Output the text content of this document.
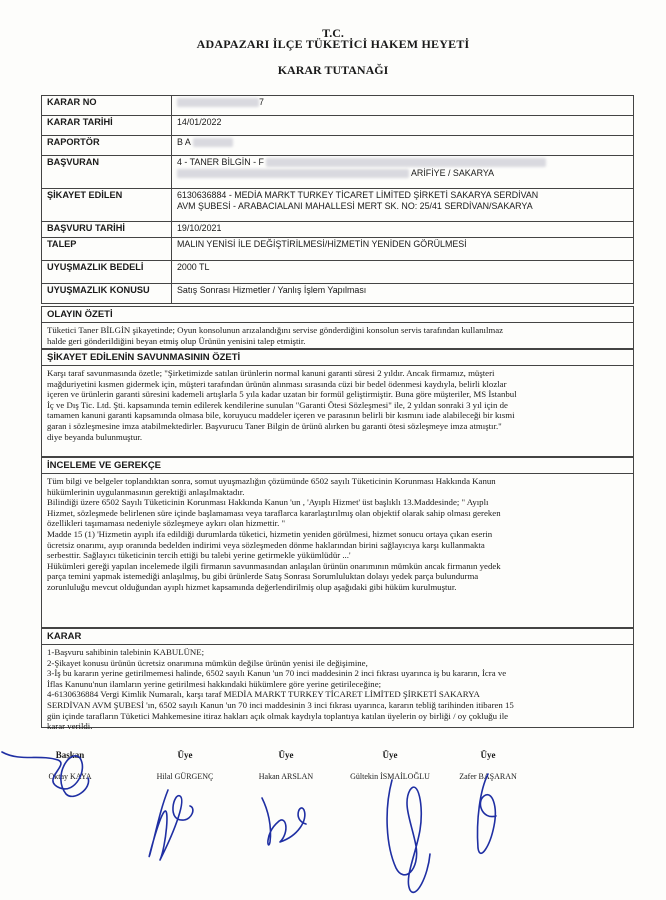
T.C.
ADAPAZARI İLÇE TÜKETİCİ HAKEM HEYETİ
KARAR TUTANAĞI
KARAR NO	7
KARAR TARİHİ	14/01/2022
RAPORTÖR	B A
BAŞVURAN	4 - TANER BİLGİN - F
ARİFİYE / SAKARYA

ŞİKAYET EDİLEN	6130636884 - MEDİA MARKT TURKEY TİCARET LİMİTED ŞİRKETİ SAKARYA SERDİVAN
AVM ŞUBESİ - ARABACIALANI MAHALLESİ MERT SK. NO: 25/41 SERDİVAN/SAKARYA

BAŞVURU TARİHİ	19/10/2021
TALEP	MALIN YENİSİ İLE DEĞİŞTİRİLMESİ/HİZMETİN YENİDEN GÖRÜLMESİ
UYUŞMAZLIK BEDELİ	2000 TL
UYUŞMAZLIK KONUSU	Satış Sonrası Hizmetler / Yanlış İşlem Yapılması
OLAYIN ÖZETİ
Tüketici Taner BİLGİN şikayetinde; Oyun konsolunun arızalandığını servise gönderdiğini konsolun servis tarafından kullanılmaz
halde geri gönderildiğini beyan etmiş olup Ürünün yenisini talep etmiştir.
ŞİKAYET EDİLENİN SAVUNMASININ ÖZETİ
Karşı taraf savunmasında özetle; "Şirketimizde satılan ürünlerin normal kanuni garanti süresi 2 yıldır. Ancak firmamız, müşteri
mağduriyetini kısmen gidermek için, müşteri tarafından ürünün alınması sırasında cüzi bir bedel ödenmesi kaydıyla, belirli klozlar
içeren ve ürünlerin garanti süresini kademeli artışlarla 5 yıla kadar uzatan bir formül geliştirmiştir. Buna göre müşteriler, MS İstanbul
İç ve Dış Tic. Ltd. Şti. kapsamında temin edilerek kendilerine sunulan "Garanti Ötesi Sözleşmesi" ile, 2 yıldan sonraki 3 yıl için de
tamamen kanuni garanti kapsamında olmasa bile, koruyucu maddeler içeren ve parasının belirli bir kısmını iade alabileceği bir kısmi
garan i sözleşmesine imza atabilmektedirler. Başvurucu Taner Bilgin de ürünü alırken bu garanti ötesi sözleşmeye imza atmıştır."
diye beyanda bulunmuştur.
İNCELEME VE GEREKÇE
Tüm bilgi ve belgeler toplandıktan sonra, somut uyuşmazlığın çözümünde 6502 sayılı Tüketicinin Korunması Hakkında Kanun
hükümlerinin uygulanmasının gerektiği anlaşılmaktadır.
Bilindiği üzere 6502 Sayılı Tüketicinin Korunması Hakkında Kanun 'un , 'Ayıplı Hizmet' üst başlıklı 13.Maddesinde; " Ayıplı
Hizmet, sözleşmede belirlenen süre içinde başlamaması veya taraflarca kararlaştırılmış olan objektif olarak sahip olması gereken
özellikleri taşımaması nedeniyle sözleşmeye aykırı olan hizmettir. "
Madde 15 (1) 'Hizmetin ayıplı ifa edildiği durumlarda tüketici, hizmetin yeniden görülmesi, hizmet sonucu ortaya çıkan eserin
ücretsiz onarımı, ayıp oranında bedelden indirimi veya sözleşmeden dönme haklarından birini sağlayıcıya karşı kullanmakta
serbesttir. Sağlayıcı tüketicinin tercih ettiği bu talebi yerine getirmekle yükümlüdür ...'
Hükümleri gereği yapılan incelemede ilgili firmanın savunmasından anlaşılan ürünün onarımının mümkün ancak firmanın yedek
parça temini yapmak istemediği anlaşılmış, bu gibi ürünlerde Satış Sonrası Sorumluluktan dolayı yedek parça bulundurma
zorunluluğu mevcut olduğundan ayıplı hizmet kapsamında değerlendirilmiş olup aşağıdaki gibi hüküm kurulmuştur.
KARAR
1-Başvuru sahibinin talebinin KABULÜNE;
2-Şikayet konusu ürünün ücretsiz onarımına mümkün değilse ürünün yenisi ile değişimine,
3-İş bu kararın yerine getirilmemesi halinde, 6502 sayılı Kanun 'un 70 inci maddesinin 2 inci fıkrası uyarınca iş bu kararın, İcra ve
İflas Kanunu'nun ilamların yerine getirilmesi hakkındaki hükümlere göre yerine getirileceğine;
4-6130636884 Vergi Kimlik Numaralı, karşı taraf MEDİA MARKT TURKEY TİCARET LİMİTED ŞİRKETİ SAKARYA
SERDİVAN AVM ŞUBESİ 'ın, 6502 sayılı Kanun 'un 70 inci maddesinin 3 inci fıkrası uyarınca, kararın tebliğ tarihinden itibaren 15
gün içinde tarafların Tüketici Mahkemesine itiraz hakları açık olmak kaydıyla toplantıya katılan üyelerin oy birliği / oy çokluğu ile
karar verildi.
Başkan
Oktay KAYA
Üye
Hilal GÜRGENÇ
Üye
Hakan ARSLAN
Üye
Gültekin İSMAİLOĞLU
Üye
Zafer BAŞARAN
